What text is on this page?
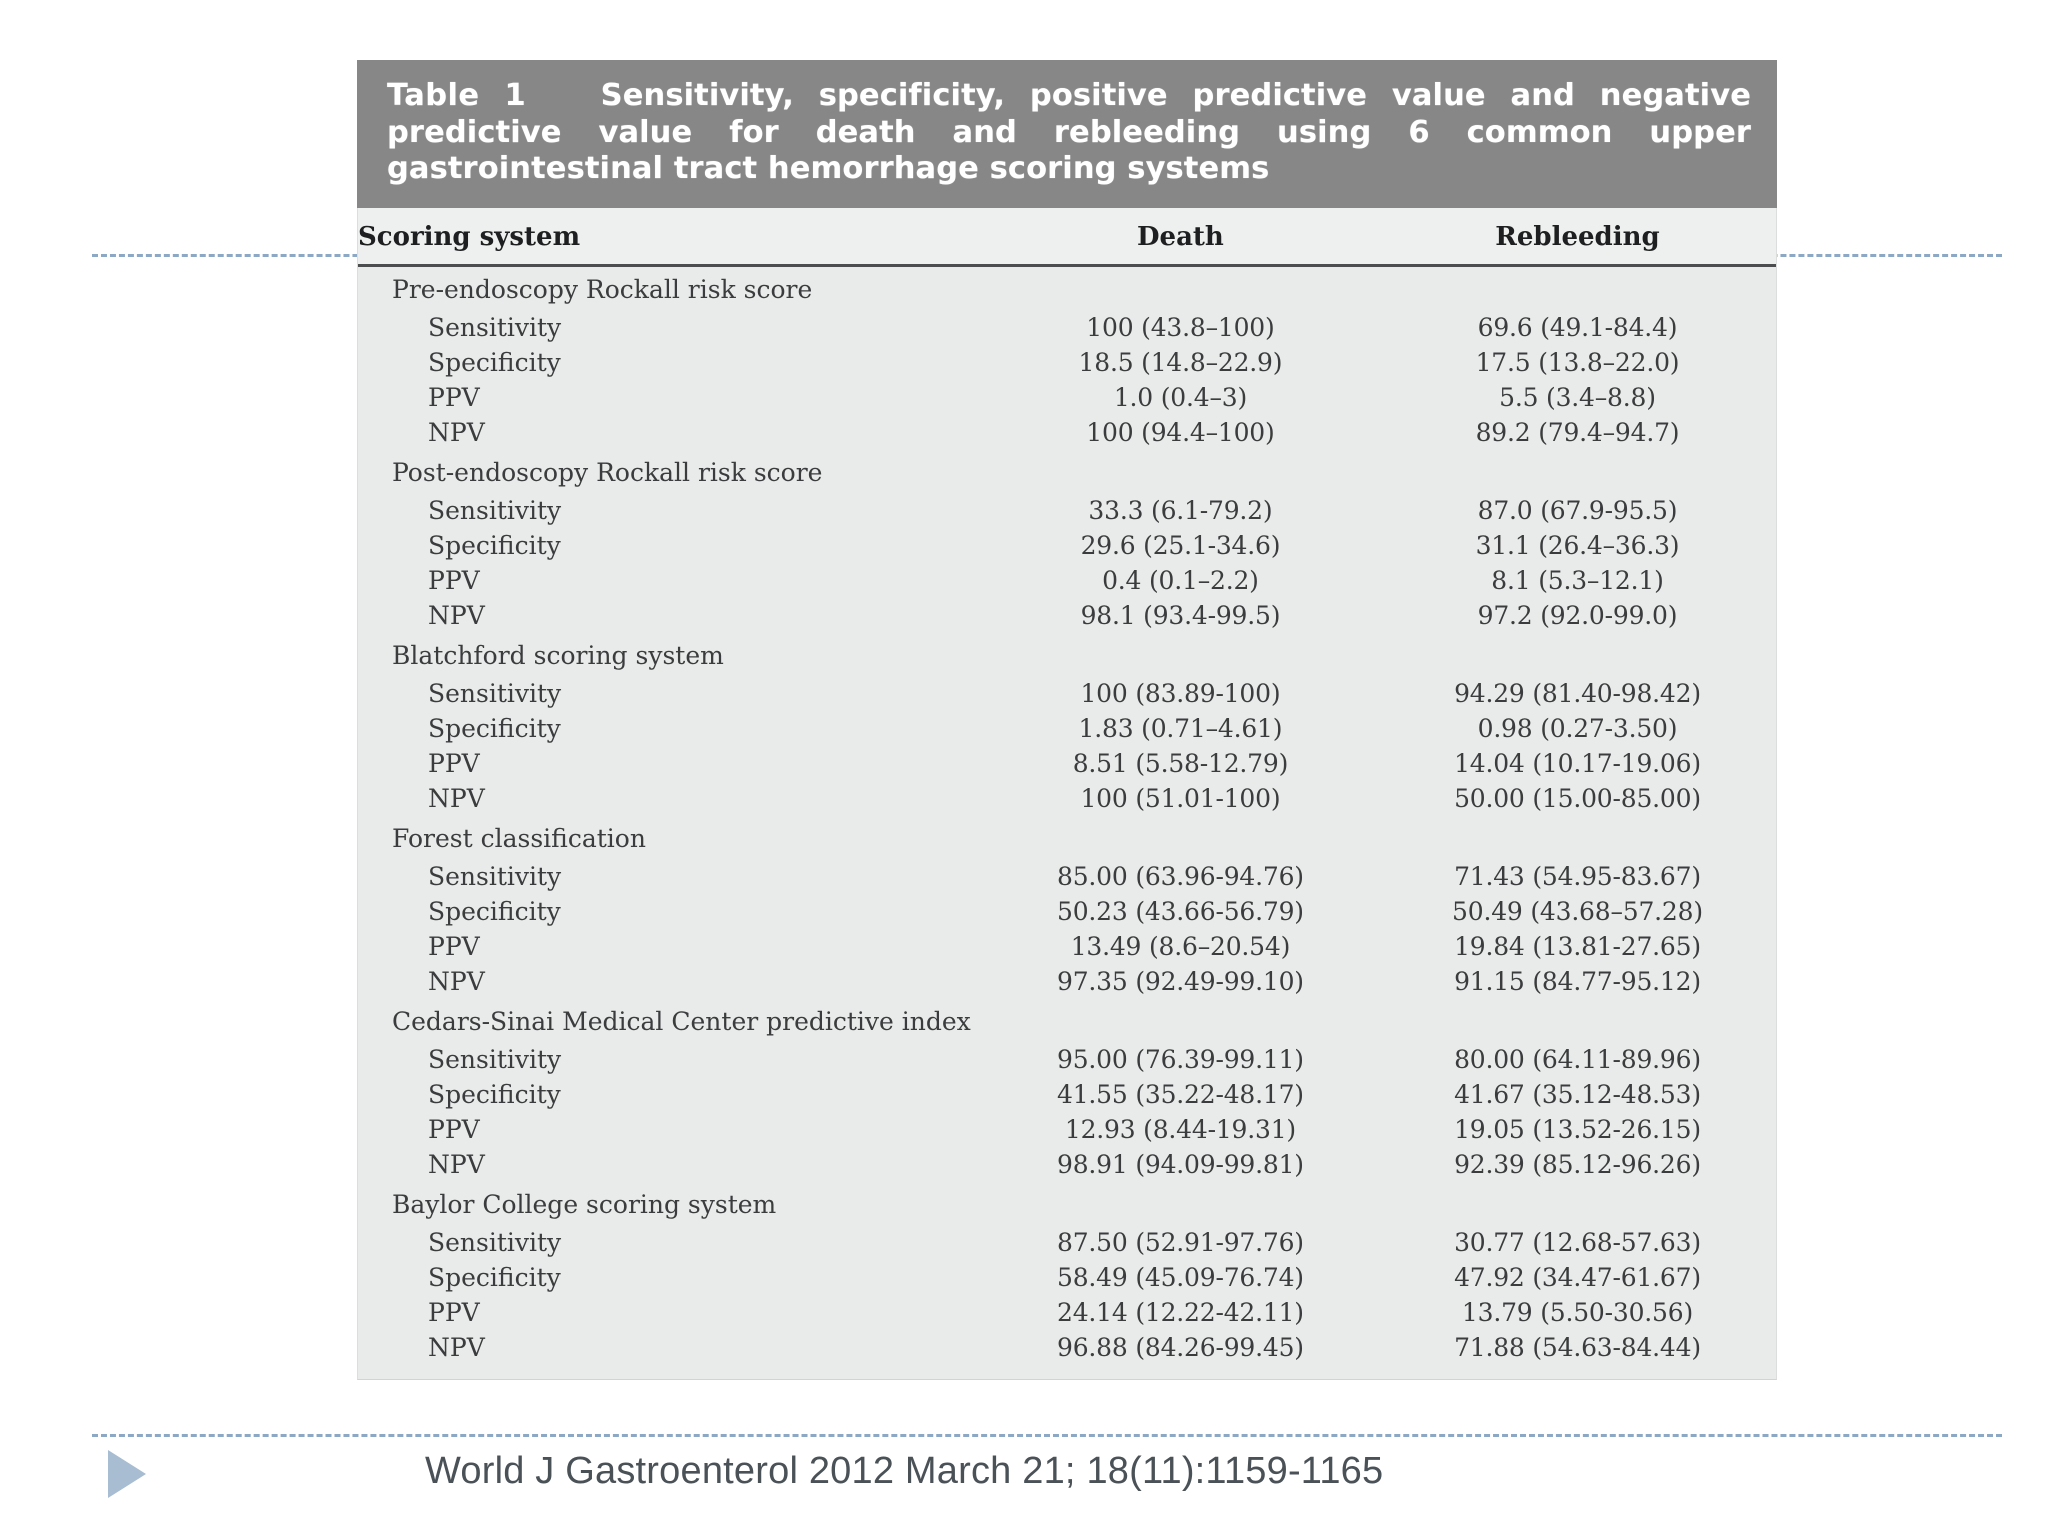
Table 1 Sensitivity, specificity, positive predictive value and negative predictive value for death and rebleeding using 6 common upper gastrointestinal tract hemorrhage scoring systems
Scoring system	Death	Rebleeding
Pre-endoscopy Rockall risk score		
Sensitivity	100 (43.8–100)	69.6 (49.1-84.4)
Specificity	18.5 (14.8–22.9)	17.5 (13.8–22.0)
PPV	1.0 (0.4–3)	5.5 (3.4–8.8)
NPV	100 (94.4–100)	89.2 (79.4–94.7)
Post-endoscopy Rockall risk score		
Sensitivity	33.3 (6.1-79.2)	87.0 (67.9-95.5)
Specificity	29.6 (25.1-34.6)	31.1 (26.4–36.3)
PPV	0.4 (0.1–2.2)	8.1 (5.3–12.1)
NPV	98.1 (93.4-99.5)	97.2 (92.0-99.0)
Blatchford scoring system		
Sensitivity	100 (83.89-100)	94.29 (81.40-98.42)
Specificity	1.83 (0.71–4.61)	0.98 (0.27-3.50)
PPV	8.51 (5.58-12.79)	14.04 (10.17-19.06)
NPV	100 (51.01-100)	50.00 (15.00-85.00)
Forest classification		
Sensitivity	85.00 (63.96-94.76)	71.43 (54.95-83.67)
Specificity	50.23 (43.66-56.79)	50.49 (43.68–57.28)
PPV	13.49 (8.6–20.54)	19.84 (13.81-27.65)
NPV	97.35 (92.49-99.10)	91.15 (84.77-95.12)
Cedars-Sinai Medical Center predictive index		
Sensitivity	95.00 (76.39-99.11)	80.00 (64.11-89.96)
Specificity	41.55 (35.22-48.17)	41.67 (35.12-48.53)
PPV	12.93 (8.44-19.31)	19.05 (13.52-26.15)
NPV	98.91 (94.09-99.81)	92.39 (85.12-96.26)
Baylor College scoring system		
Sensitivity	87.50 (52.91-97.76)	30.77 (12.68-57.63)
Specificity	58.49 (45.09-76.74)	47.92 (34.47-61.67)
PPV	24.14 (12.22-42.11)	13.79 (5.50-30.56)
NPV	96.88 (84.26-99.45)	71.88 (54.63-84.44)
World J Gastroenterol 2012 March 21; 18(11):1159-1165
